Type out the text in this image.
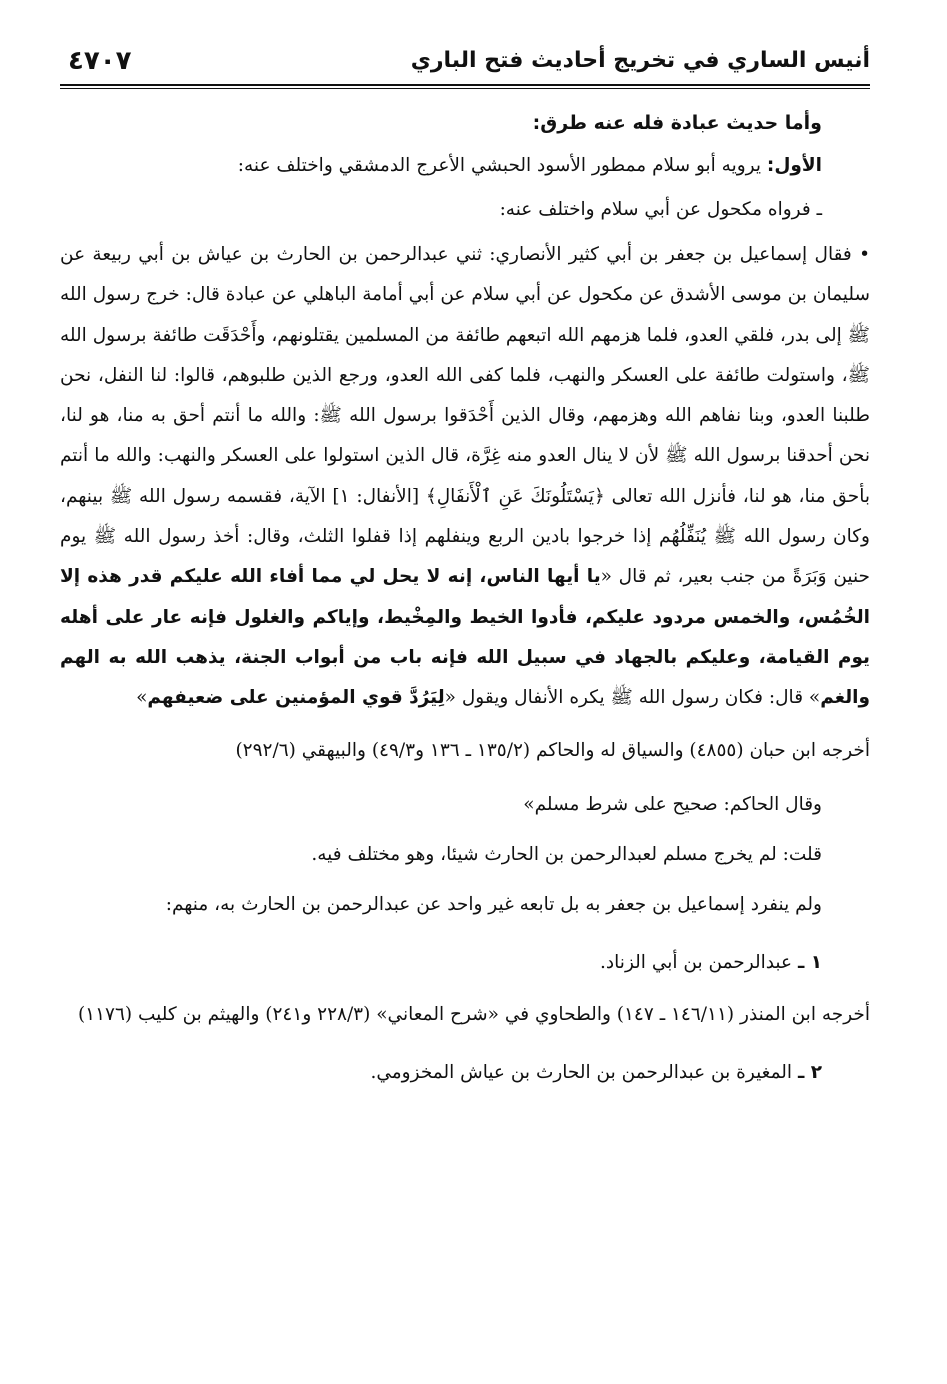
أنيس الساري في تخريج أحاديث فتح الباري
٤٧٠٧

وأما حديث عبادة فله عنه طرق:

الأول: يرويه أبو سلام ممطور الأسود الحبشي الأعرج الدمشقي واختلف عنه:

ـ فرواه مكحول عن أبي سلام واختلف عنه:

• فقال إسماعيل بن جعفر بن أبي كثير الأنصاري: ثني عبدالرحمن بن الحارث بن عياش بن أبي ربيعة عن سليمان بن موسى الأشدق عن مكحول عن أبي سلام عن أبي أمامة الباهلي عن عبادة قال: خرج رسول الله ﷺ إلى بدر، فلقي العدو، فلما هزمهم الله اتبعهم طائفة من المسلمين يقتلونهم، وأَحْدَقَت طائفة برسول الله ﷺ، واستولت طائفة على العسكر والنهب، فلما كفى الله العدو، ورجع الذين طلبوهم، قالوا: لنا النفل، نحن طلبنا العدو، وبنا نفاهم الله وهزمهم، وقال الذين أَحْدَقوا برسول الله ﷺ: والله ما أنتم أحق به منا، هو لنا، نحن أحدقنا برسول الله ﷺ لأن لا ينال العدو منه غِرَّة، قال الذين استولوا على العسكر والنهب: والله ما أنتم بأحق منا، هو لنا، فأنزل الله تعالى ﴿يَسْتَلُونَكَ عَنِ ٱلْأَنفَالِ﴾ [الأنفال: ١] الآية، فقسمه رسول الله ﷺ بينهم، وكان رسول الله ﷺ يُنَفِّلُهُم إذا خرجوا بادين الربع وينفلهم إذا قفلوا الثلث، وقال: أخذ رسول الله ﷺ يوم حنين وَبَرَةً من جنب بعير، ثم قال «يا أيها الناس، إنه لا يحل لي مما أفاء الله عليكم قدر هذه إلا الخُمُس، والخمس مردود عليكم، فأدوا الخيط والمِخْيط، وإياكم والغلول فإنه عار على أهله يوم القيامة، وعليكم بالجهاد في سبيل الله فإنه باب من أبواب الجنة، يذهب الله به الهم والغم» قال: فكان رسول الله ﷺ يكره الأنفال ويقول «لِيَرُدَّ قوي المؤمنين على ضعيفهم»

أخرجه ابن حبان (٤٨٥٥) والسياق له والحاكم (١٣٥/٢ ـ ١٣٦ و٤٩/٣) والبيهقي (٢٩٢/٦)

وقال الحاكم: صحيح على شرط مسلم»

قلت: لم يخرج مسلم لعبدالرحمن بن الحارث شيئا، وهو مختلف فيه.

ولم ينفرد إسماعيل بن جعفر به بل تابعه غير واحد عن عبدالرحمن بن الحارث به، منهم:

١ ـ عبدالرحمن بن أبي الزناد.

أخرجه ابن المنذر (١٤٦/١١ ـ ١٤٧) والطحاوي في «شرح المعاني» (٢٢٨/٣ و٢٤١) والهيثم بن كليب (١١٧٦)

٢ ـ المغيرة بن عبدالرحمن بن الحارث بن عياش المخزومي.
